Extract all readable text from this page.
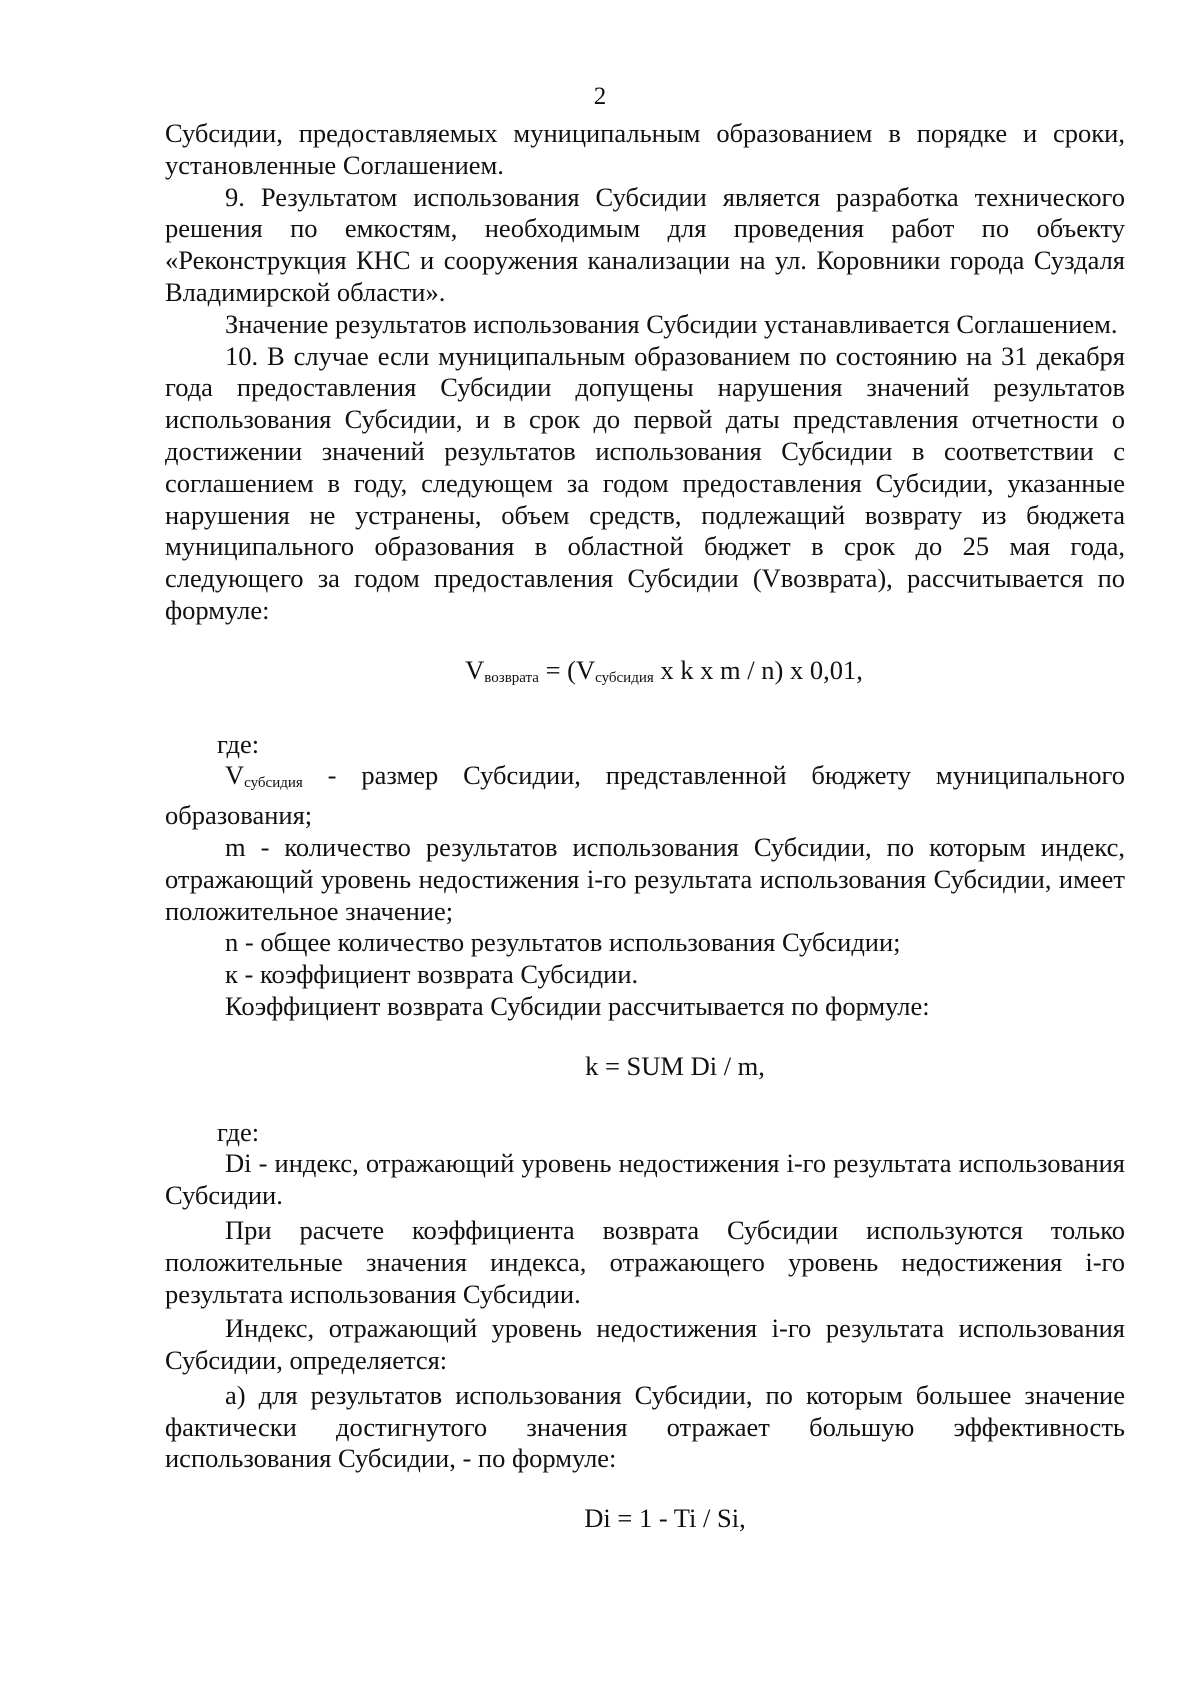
2

Субсидии, предоставляемых муниципальным образованием в порядке и сроки, установленные Соглашением.

9. Результатом использования Субсидии является разработка технического решения по емкостям, необходимым для проведения работ по объекту «Реконструкция КНС и сооружения канализации на ул. Коровники города Суздаля Владимирской области».

Значение результатов использования Субсидии устанавливается Соглашением.

10. В случае если муниципальным образованием по состоянию на 31 декабря года предоставления Субсидии допущены нарушения значений результатов использования Субсидии, и в срок до первой даты представления отчетности о достижении значений результатов использования Субсидии в соответствии с соглашением в году, следующем за годом предоставления Субсидии, указанные нарушения не устранены, объем средств, подлежащий возврату из бюджета муниципального образования в областной бюджет в срок до 25 мая года, следующего за годом предоставления Субсидии (Vвозврата), рассчитывается по формуле:

$V_{возврата} = (V_{субсидия}$ x k x m / n) x 0,01,

где:

$V_{субсидия}$ - размер Субсидии, представленной бюджету муниципального образования;

m - количество результатов использования Субсидии, по которым индекс, отражающий уровень недостижения i-го результата использования Субсидии, имеет положительное значение;

n - общее количество результатов использования Субсидии;

к - коэффициент возврата Субсидии.

Коэффициент возврата Субсидии рассчитывается по формуле:

k = SUM Di / m,

где:

Di - индекс, отражающий уровень недостижения i-го результата использования Субсидии.

При расчете коэффициента возврата Субсидии используются только положительные значения индекса, отражающего уровень недостижения i-го результата использования Субсидии.

Индекс, отражающий уровень недостижения i-го результата использования Субсидии, определяется:

а) для результатов использования Субсидии, по которым большее значение фактически достигнутого значения отражает большую эффективность использования Субсидии, - по формуле:

Di = 1 - Ti / Si,
